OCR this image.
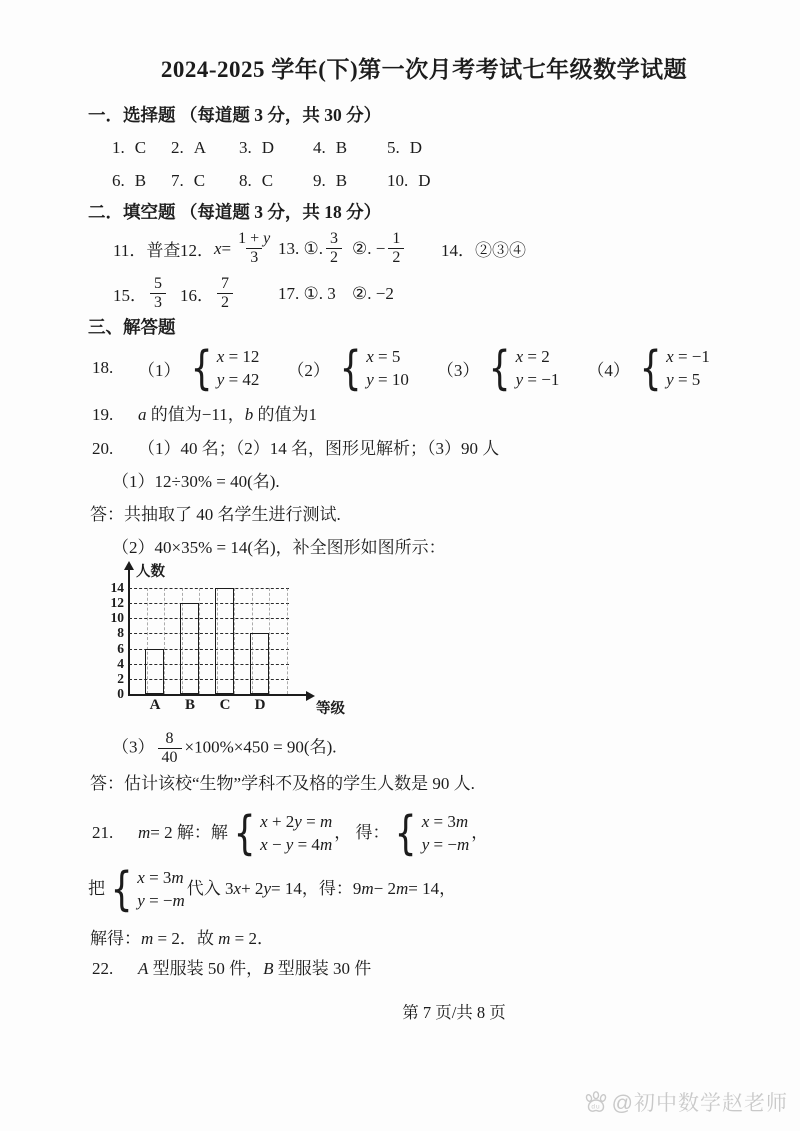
2024-2025 学年(下)第一次月考考试七年级数学试题
一．选择题 （每道题 3 分，共 30 分）
1. C 2. A 3. D 4. B 5. D
6. B 7. C 8. C 9. B 10. D
二．填空题 （每道题 3 分，共 18 分）
11．普查 12． $x = \frac{1 + y}{3} 13$. ①. $\frac{3}{2}$ ②. − $\frac{1}{2} 14$．②③④
15． $\frac{5}{3} 16$． $\frac{7}{2}$	17. ①. 3 ②. −2
三、解答题
18.	（1）
{
x = 12
y = 42 （2）
{
x = 5
y = 10 （3）
{
x = 2
y = −1 （4）
{
x = −1
y = 5
19. a 的值为−11，b 的值为1
20. （1）40 名；（2）14 名，图形见解析；（3）90 人
（1）12÷30% = 40(名).
答：共抽取了 40 名学生进行测试.
（2）40×35% = 14(名)，补全图形如图所示：
人数
等级
0
2
4
6
8
10
12
14
A	B	C	D
$(3) \frac{8}{40} \times 100\%\times 450 = 90$(名).
答：估计该校“生物”学科不及格的学生人数是 90 人.
21.	m = 2 解：解
{
x + 2y = m
x − y = 4m
， 得：
{
x = 3m
y = −m
，
把
{
x = 3m
y = −m
代入 3 x + 2 y = 14，得：9 m − 2 m = 14，
解得：m = 2．故 m = 2．
22. A 型服装 50 件，B 型服装 30 件
第 7 页/共 8 页
du @初中数学赵老师
